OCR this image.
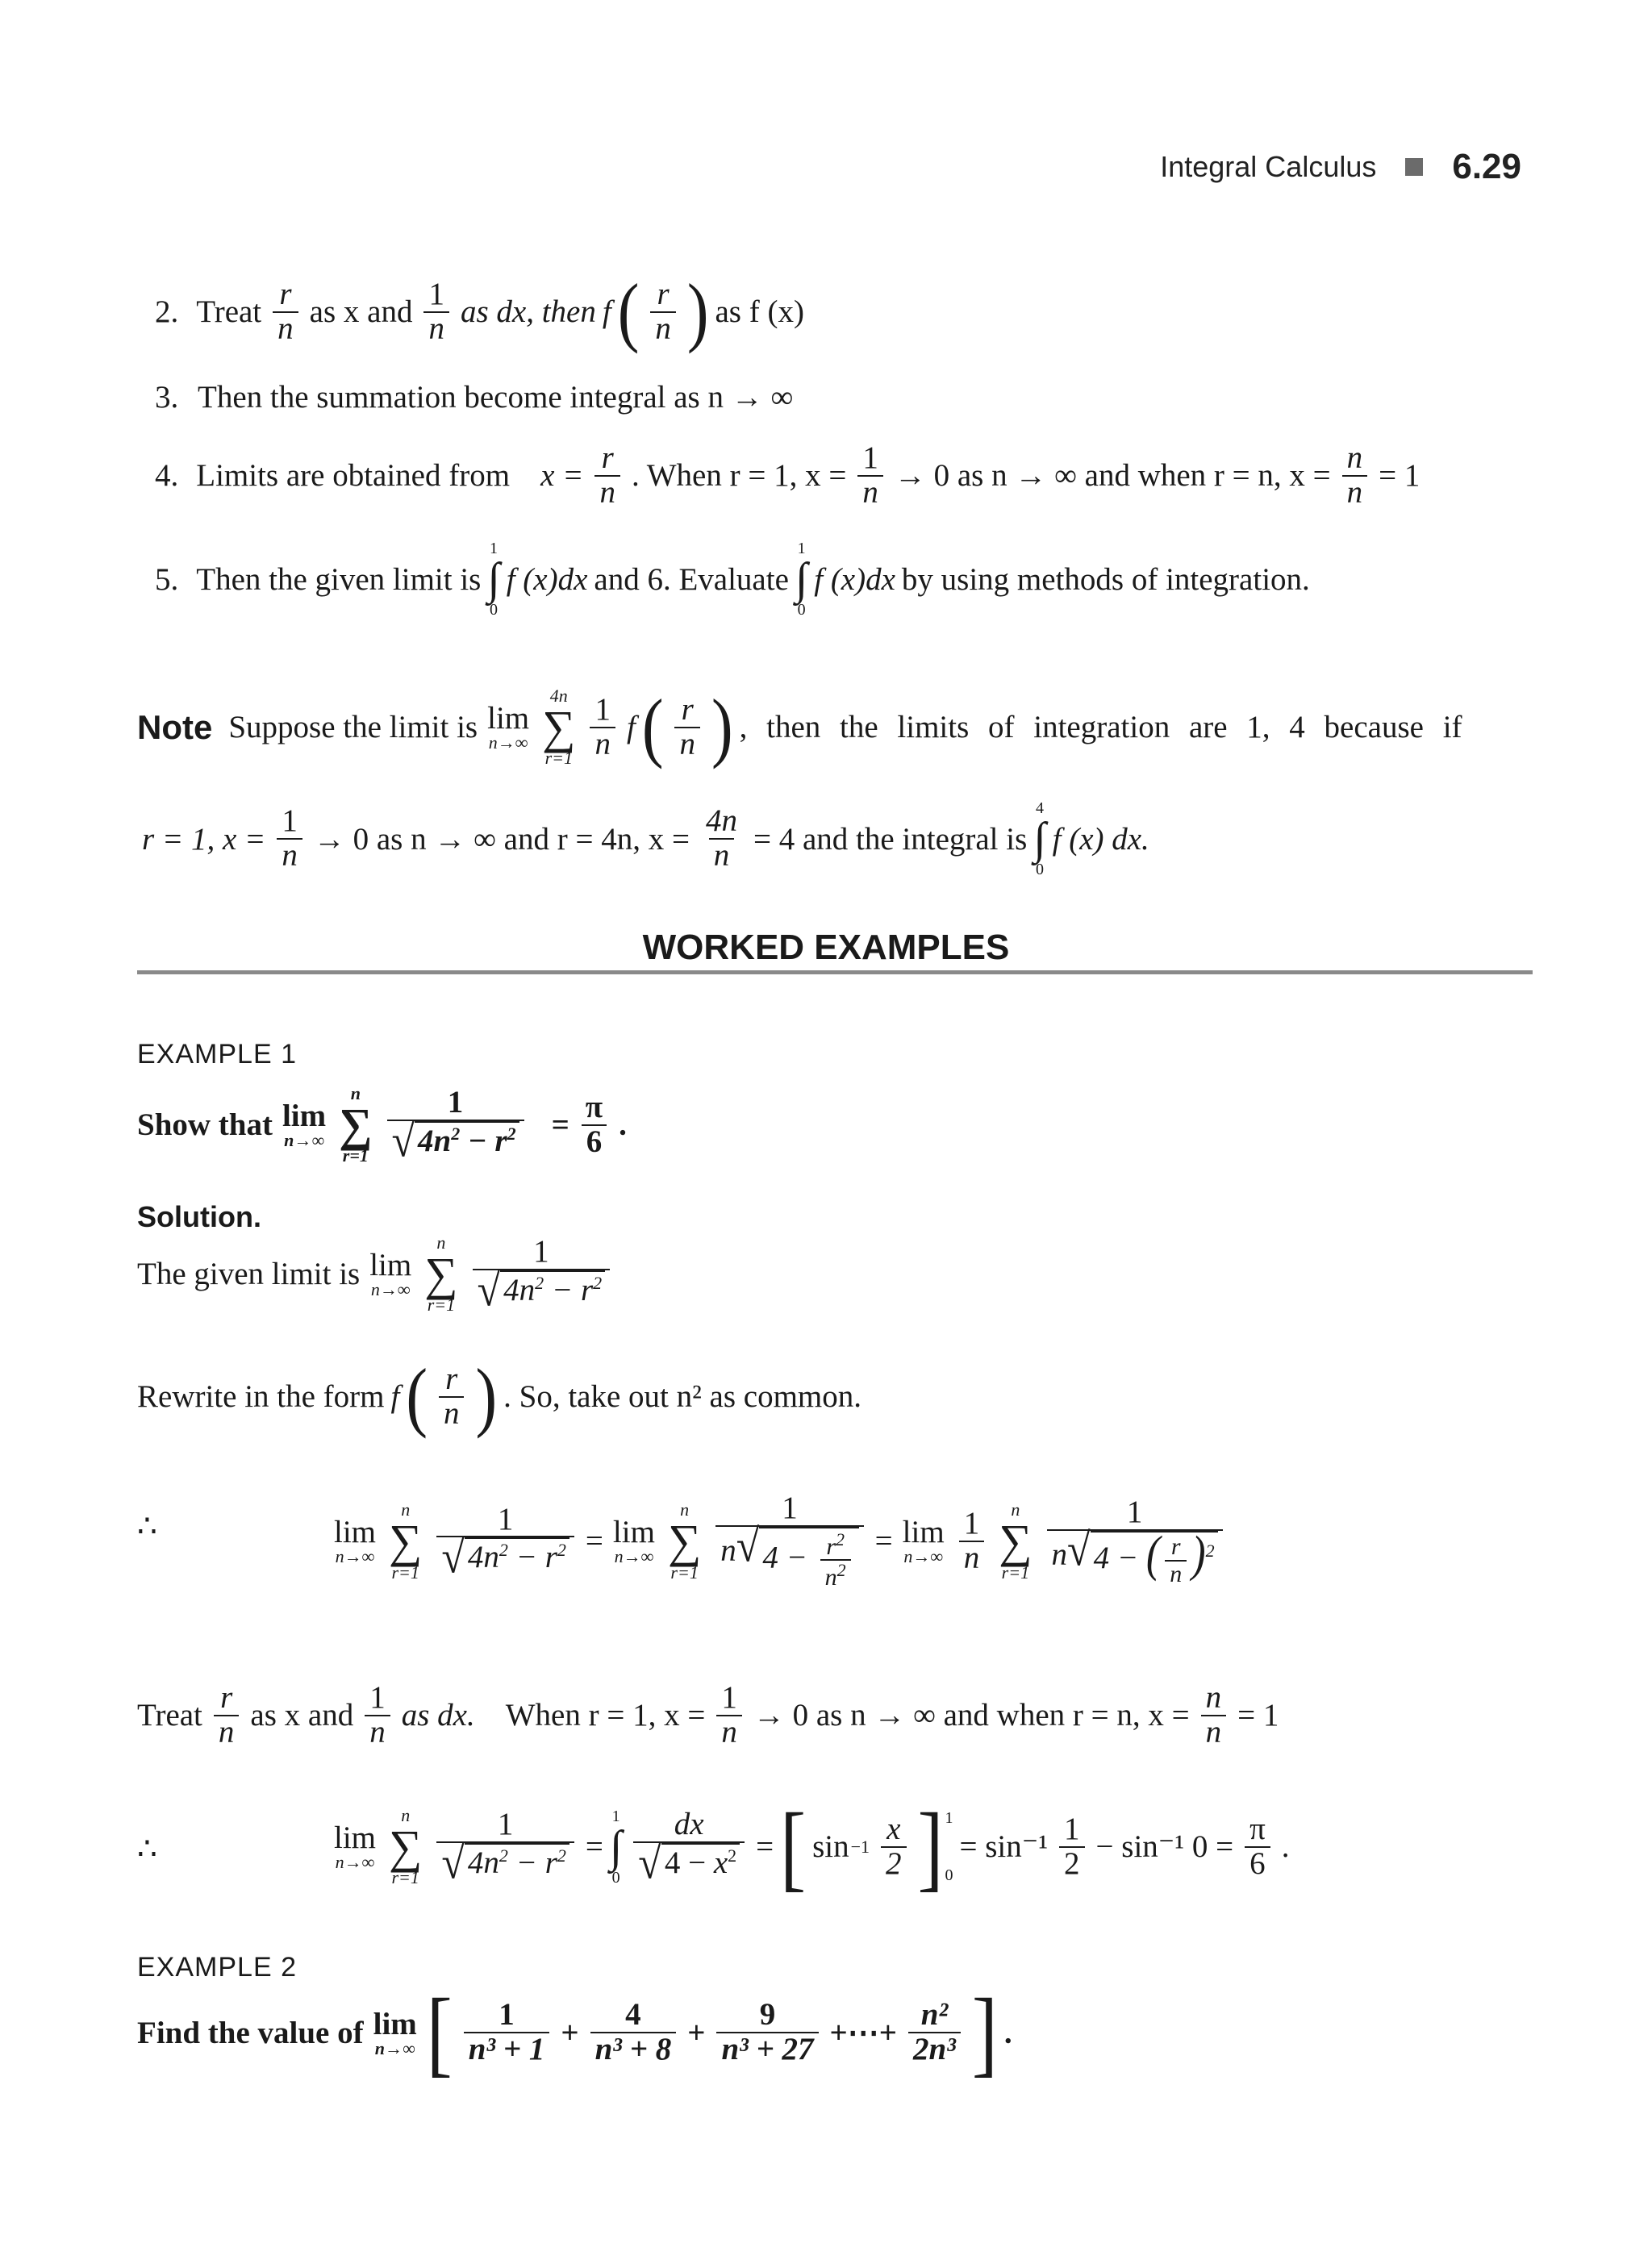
Integral Calculus 6.29
2. Treat $\frac{r}{n}$ as x and $\frac{1}{n}$ as dx, then f ( $\frac{r}{n}$ ) as f (x)
3. Then the summation become integral as n → ∞
4. Limits are obtained from $x = \frac{r}{n}$ . When r = 1, $x = \frac{1}{n} \to 0$ as n → ∞ and when r = n, $x = \frac{n}{n} = 1$
5. Then the given limit is
1
∫
0
f (x)dx and 6. Evaluate
1
∫
0
f (x)dx by using methods of integration.
Note Suppose the limit is lim
n→∞
4n
∑
$r=1 \frac{1}{n}$ f ( $\frac{r}{n}$ ) , then the limits of integration are 1, 4 because if
r = 1, $x = \frac{1}{n} \to 0$ as n → ∞ and r = 4n, $x = \frac{4n}{n} = 4$ and the integral is
4
∫
0
f (x) dx.
WORKED EXAMPLES
EXAMPLE 1
Show that lim
n→∞
n
∑
$r=1 \frac{1}{√ 4n^2 - r^2} = \frac{\pi}{6}$ .
Solution.
The given limit is lim
n→∞
n
∑
$r=1 \frac{1}{√ 4n^2 - r^2}$
Rewrite in the form f ( $\frac{r}{n}$ ) . So, take out n² as common.
∴	lim
n→∞
n
∑
$r=1 \frac{1}{√ 4n^2 - r^2} = \lim$
n→∞
n
∑
$r=1 \frac{1}{n √ 4 - \frac{r^2}{n^2}} = \lim$
$n\to\infty \frac{1}{n}$ n
∑
$r=1 \frac{1}{n √ 4 - ( \frac{r}{n} )^2}$
Treat $\frac{r}{n}$ as x and $\frac{1}{n}$ as dx. When r = 1, $x = \frac{1}{n} \to 0$ as n → ∞ and when r = n, $x = \frac{n}{n} = 1$
∴	lim
n→∞
n
∑
$r=1 \frac{1}{√ 4n^2 - r^2}$ =
1
∫
$0 \frac{dx}{√ 4 - x^2}$ = [ $\sin -1 \frac{x}{2}$ ] 1
0
= $\sin^{-1} \frac{1}{2} - \sin^{-1}$ $0 = \frac{\pi}{6}$ .
EXAMPLE 2
Find the value of lim
n→∞ [ $\frac{1}{\text{n³ + 1}} + \frac{4}{\text{n³ + 8}} + \frac{9}{\text{n³ + 27}}$ +⋯+ $\frac{\text{n²}}{\text{2n³}}$ ] .
